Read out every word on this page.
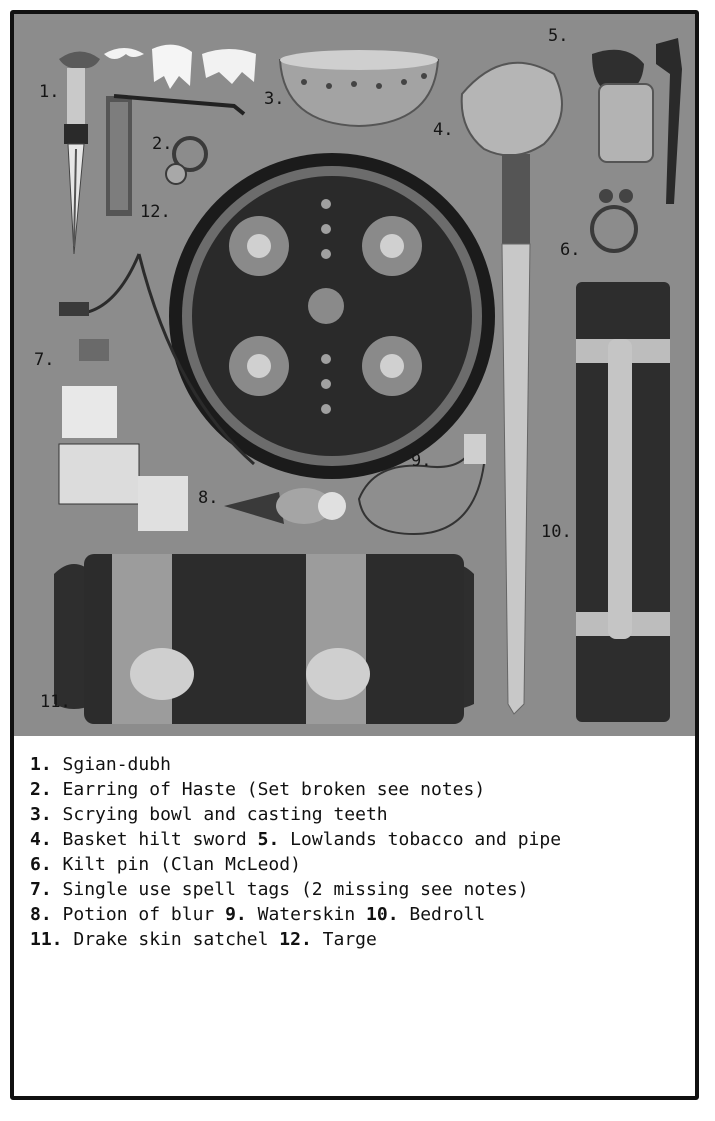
1.
2.
3.
4.
5.
6.
7.
8.
9.
10.
11.
12.
1. Sgian-dubh
2. Earring of Haste (Set broken see notes)
3. Scrying bowl and casting teeth
4. Basket hilt sword 5. Lowlands tobacco and pipe
6. Kilt pin (Clan McLeod)
7. Single use spell tags (2 missing see notes)
8. Potion of blur 9. Waterskin 10. Bedroll
11. Drake skin satchel 12. Targe
